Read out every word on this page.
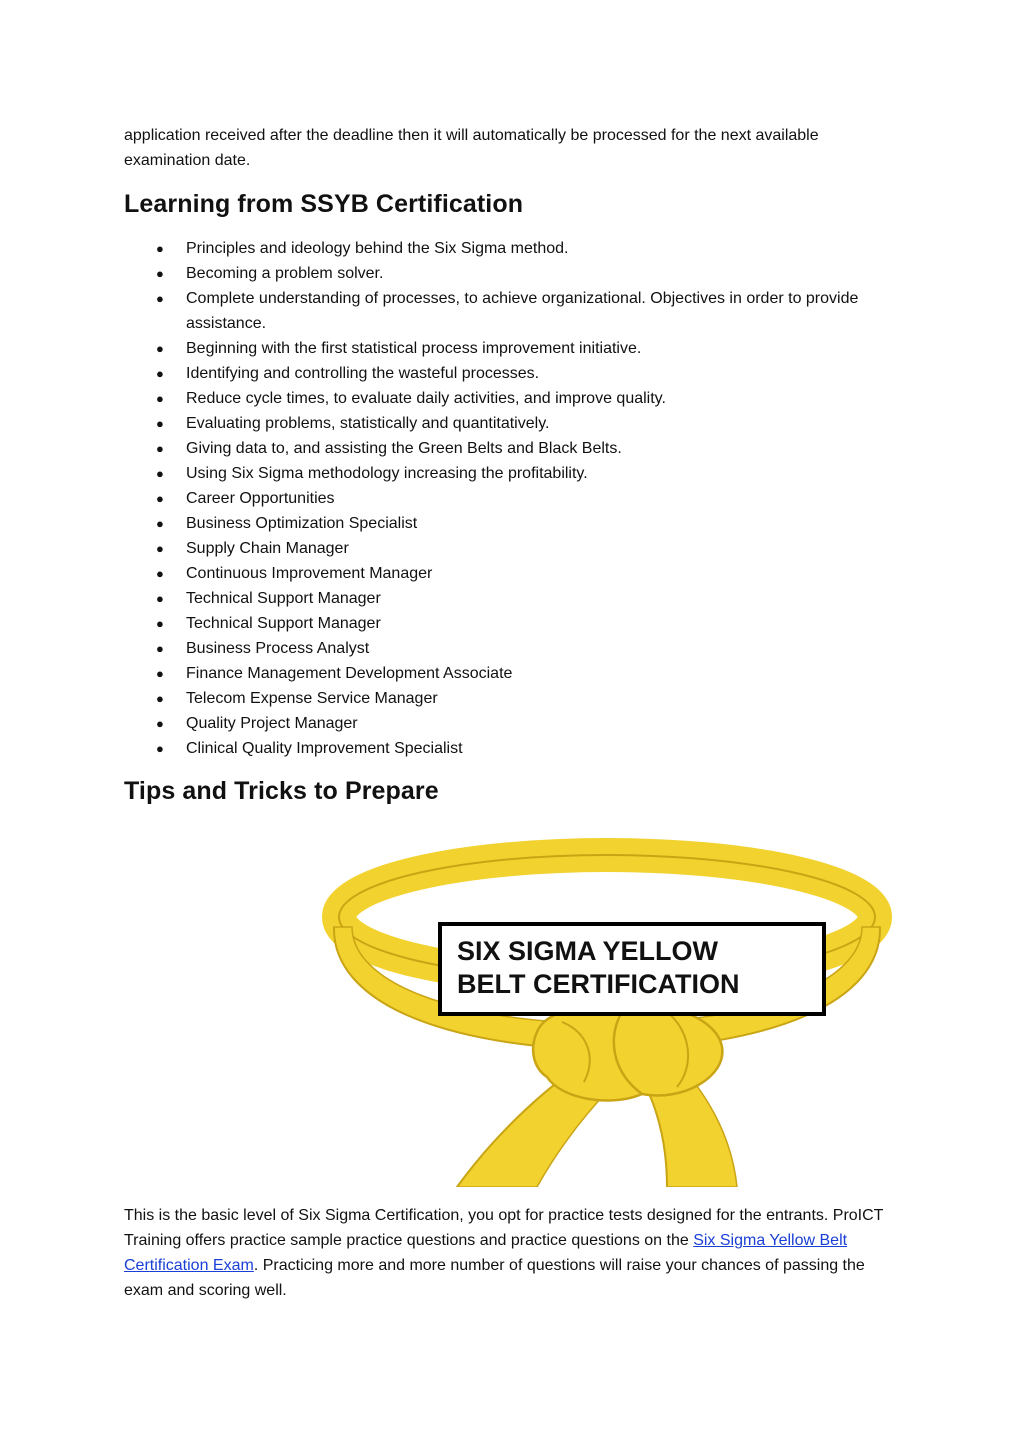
application received after the deadline then it will automatically be processed for the next available examination date.

Learning from SSYB Certification
● Principles and ideology behind the Six Sigma method.
● Becoming a problem solver.
● Complete understanding of processes, to achieve organizational. Objectives in order to provide assistance.
● Beginning with the first statistical process improvement initiative.
● Identifying and controlling the wasteful processes.
● Reduce cycle times, to evaluate daily activities, and improve quality.
● Evaluating problems, statistically and quantitatively.
● Giving data to, and assisting the Green Belts and Black Belts.
● Using Six Sigma methodology increasing the profitability.
● Career Opportunities
● Business Optimization Specialist
● Supply Chain Manager
● Continuous Improvement Manager
● Technical Support Manager
● Technical Support Manager
● Business Process Analyst
● Finance Management Development Associate
● Telecom Expense Service Manager
● Quality Project Manager
● Clinical Quality Improvement Specialist
Tips and Tricks to Prepare
SIX SIGMA YELLOW
BELT CERTIFICATION

This is the basic level of Six Sigma Certification, you opt for practice tests designed for the entrants. ProICT Training offers practice sample practice questions and practice questions on the Six Sigma Yellow Belt Certification Exam. Practicing more and more number of questions will raise your chances of passing the exam and scoring well.
